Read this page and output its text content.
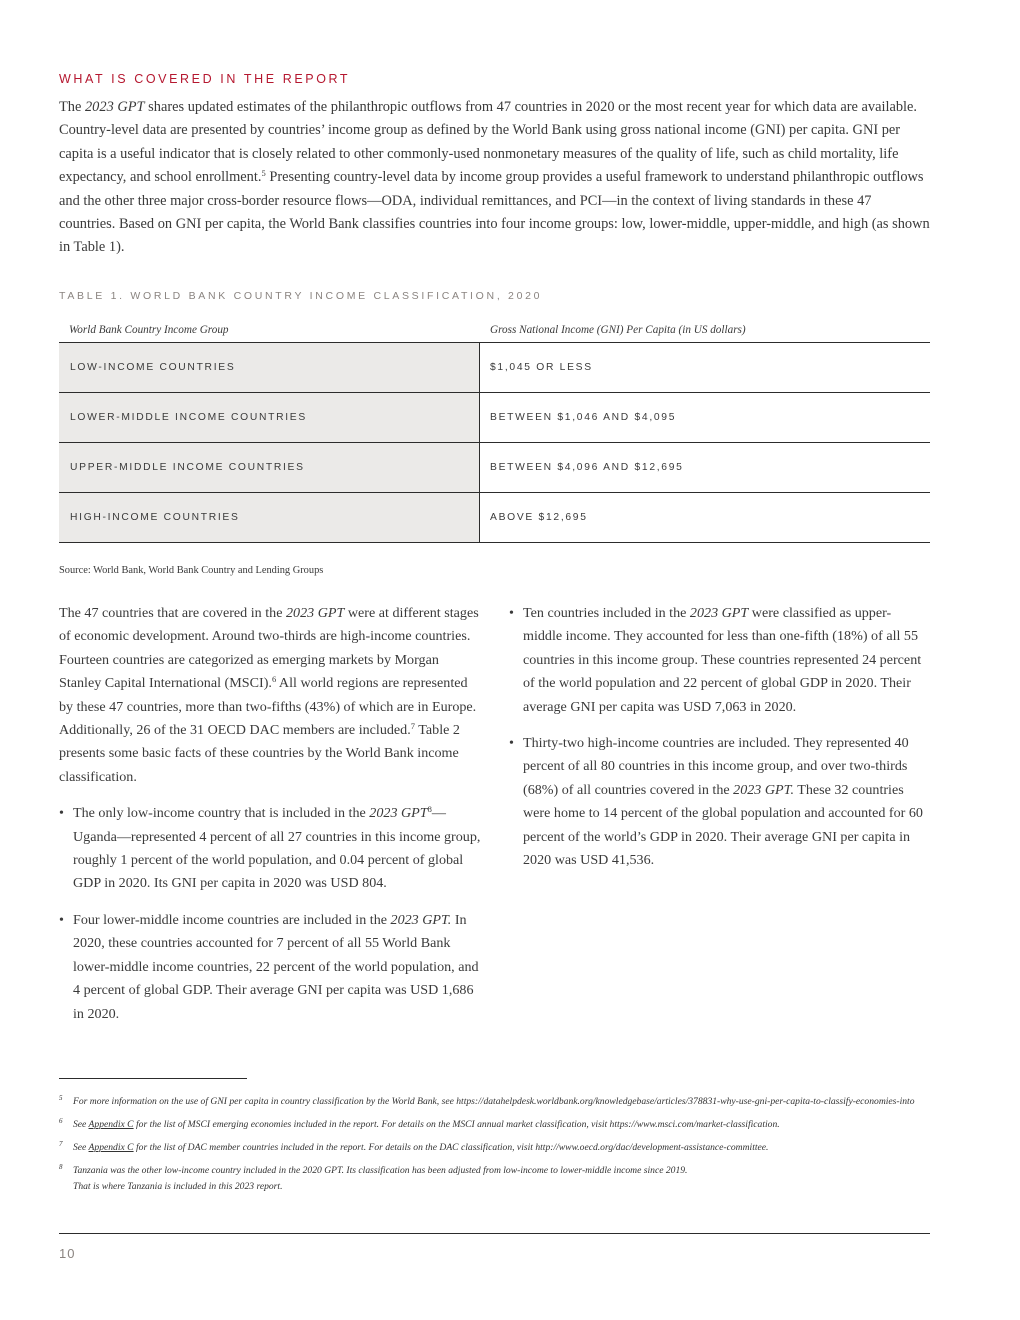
WHAT IS COVERED IN THE REPORT

The 2023 GPT shares updated estimates of the philanthropic outflows from 47 countries in 2020 or the most recent year for which data are available. Country-level data are presented by countries’ income group as defined by the World Bank using gross national income (GNI) per capita. GNI per capita is a useful indicator that is closely related to other commonly-used nonmonetary measures of the quality of life, such as child mortality, life expectancy, and school enrollment.$^5$ Presenting country-level data by income group provides a useful framework to understand philanthropic outflows and the other three major cross-border resource flows—ODA, individual remittances, and PCI—in the context of living standards in these 47 countries. Based on GNI per capita, the World Bank classifies countries into four income groups: low, lower-middle, upper-middle, and high (as shown in Table 1).

TABLE 1. WORLD BANK COUNTRY INCOME CLASSIFICATION, 2020
World Bank Country Income Group	Gross National Income (GNI) Per Capita (in US dollars)
LOW-INCOME COUNTRIES	$1,045 OR LESS
LOWER-MIDDLE INCOME COUNTRIES	BETWEEN $1,046 AND $4,095
UPPER-MIDDLE INCOME COUNTRIES	BETWEEN $4,096 AND $12,695
HIGH-INCOME COUNTRIES	ABOVE $12,695
Source: World Bank, World Bank Country and Lending Groups

The 47 countries that are covered in the 2023 GPT were at different stages of economic development. Around two-thirds are high-income countries. Fourteen countries are categorized as emerging markets by Morgan Stanley Capital International (MSCI).$^6$ All world regions are represented by these 47 countries, more than two-fifths (43%) of which are in Europe. Additionally, 26 of the 31 OECD DAC members are included.$^7$ Table 2 presents some basic facts of these countries by the World Bank income classification.

• The only low-income country that is included in the 2023 GPT$^8$—Uganda—represented 4 percent of all 27 countries in this income group, roughly 1 percent of the world population, and 0.04 percent of global GDP in 2020. Its GNI per capita in 2020 was USD 804.

• Four lower-middle income countries are included in the 2023 GPT. In 2020, these countries accounted for 7 percent of all 55 World Bank lower-middle income countries, 22 percent of the world population, and 4 percent of global GDP. Their average GNI per capita was USD 1,686 in 2020.

• Ten countries included in the 2023 GPT were classified as upper-middle income. They accounted for less than one-fifth (18%) of all 55 countries in this income group. These countries represented 24 percent of the world population and 22 percent of global GDP in 2020. Their average GNI per capita was USD 7,063 in 2020.

• Thirty-two high-income countries are included. They represented 40 percent of all 80 countries in this income group, and over two-thirds (68%) of all countries covered in the 2023 GPT. These 32 countries were home to 14 percent of the global population and accounted for 60 percent of the world’s GDP in 2020. Their average GNI per capita in 2020 was USD 41,536.

5 For more information on the use of GNI per capita in country classification by the World Bank, see https://datahelpdesk.worldbank.org/knowledgebase/articles/378831-why-use-gni-per-capita-to-classify-economies-into
6 See Appendix C for the list of MSCI emerging economies included in the report. For details on the MSCI annual market classification, visit https://www.msci.com/market-classification.
7 See Appendix C for the list of DAC member countries included in the report. For details on the DAC classification, visit http://www.oecd.org/dac/development-assistance-committee.
8 Tanzania was the other low-income country included in the 2020 GPT. Its classification has been adjusted from low-income to lower-middle income since 2019.
That is where Tanzania is included in this 2023 report.
10
